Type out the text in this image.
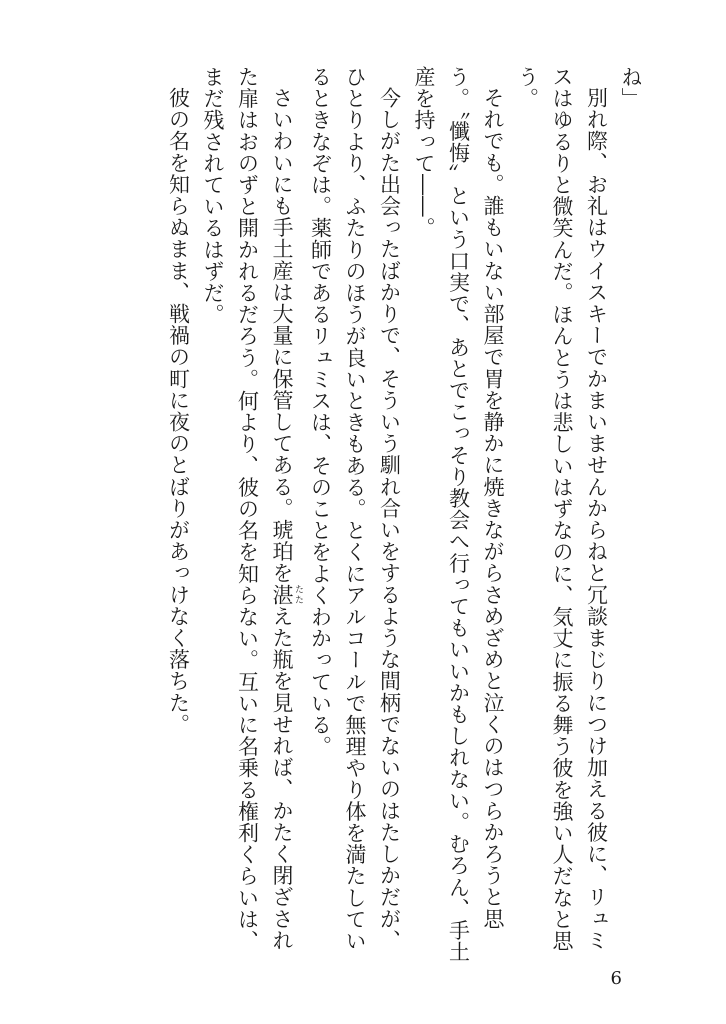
ね」

別れ際、お礼はウイスキーでかまいませんからねと冗談まじりにつけ加える彼に、リュミスはゆるりと微笑んだ。ほんとうは悲しいはずなのに、気丈に振る舞う彼を強い人だなと思う。

それでも。誰もいない部屋で胃を静かに焼きながらさめざめと泣くのはつらかろうと思う。〝懺悔〟という口実で、あとでこっそり教会へ行ってもいいかもしれない。むろん、手土産を持って――。

今しがた出会ったばかりで、そういう馴れ合いをするような間柄でないのはたしかだが、ひとりより、ふたりのほうが良いときもある。とくにアルコールで無理やり体を満たしているときなぞは。薬師であるリュミスは、そのことをよくわかっている。

さいわいにも手土産は大量に保管してある。琥珀を湛 たたえた瓶を見せれば、かたく閉ざされた扉はおのずと開かれるだろう。何より、彼の名を知らない。互いに名乗る権利くらいは、まだ残されているはずだ。

彼の名を知らぬまま、戦禍の町に夜のとばりがあっけなく落ちた。

6
